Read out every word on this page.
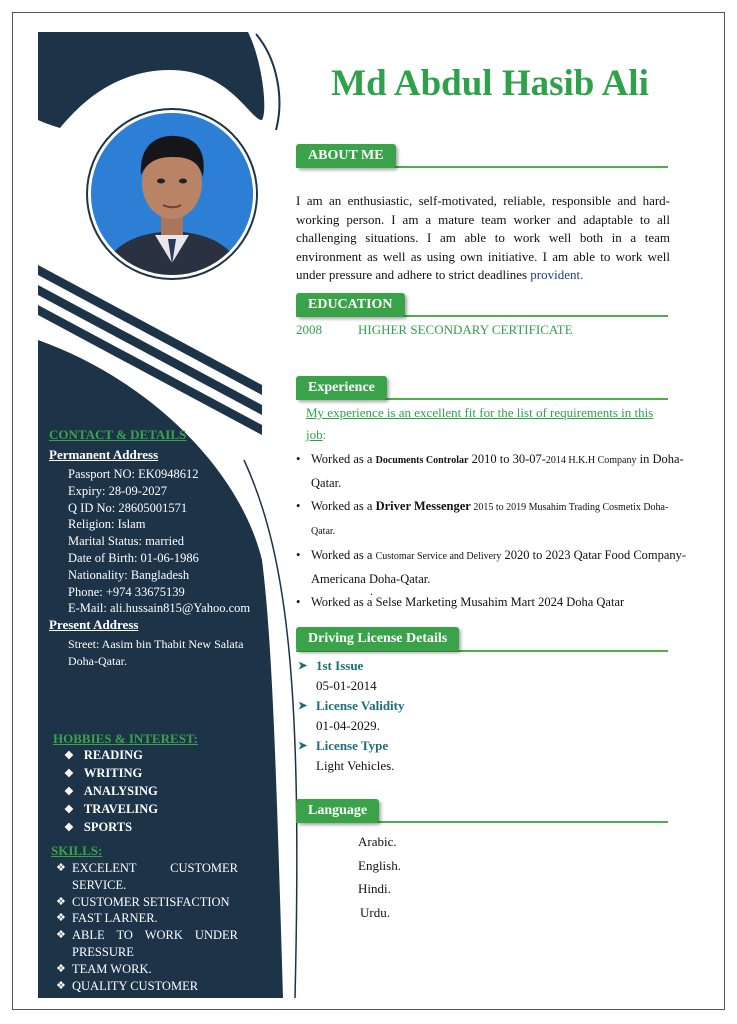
Md Abdul Hasib Ali
ABOUT ME
I am an enthusiastic, self-motivated, reliable, responsible and hard-working person. I am a mature team worker and adaptable to all challenging situations. I am able to work well both in a team environment as well as using own initiative. I am able to work well under pressure and adhere to strict deadlines provident.
EDUCATION
2008	HIGHER SECONDARY CERTIFICATE
Experience
My experience is an excellent fit for the list of requirements in this job:
• Worked as a Documents Controlar 2010 to 30-07-2014 H.K.H Company in Doha-Qatar.
• Worked as a Driver Messenger 2015 to 2019 Musahim Trading Cosmetix Doha-Qatar.
• Worked as a Customar Service and Delivery 2020 to 2023 Qatar Food Company-Americana Doha-Qatar.
• Worked as a Selse Marketing Musahim Mart 2024 Doha Qatar
.
Driving License Details
➤ 1st Issue
05-01-2014
➤ License Validity
01-04-2029.
➤ License Type
Light Vehicles.
Language
Arabic.
English.
Hindi.
Urdu.
CONTACT & DETAILS
Permanent Address
Passport NO: EK0948612
Expiry: 28-09-2027
Q ID No: 28605001571
Religion: Islam
Marital Status: married
Date of Birth: 01-06-1986
Nationality: Bangladesh
Phone: +974 33675139
E-Mail: ali.hussain815@Yahoo.com
Present Address
Street: Aasim bin Thabit New Salata
Doha-Qatar.
HOBBIES & INTEREST:
❖ READING
❖ WRITING
❖ ANALYSING
❖ TRAVELING
❖ SPORTS
SKILLS:
❖ EXCELENT CUSTOMER SERVICE.
❖ CUSTOMER SETISFACTION
❖ FAST LARNER.
❖ ABLE TO WORK UNDER PRESSURE
❖ TEAM WORK.
❖ QUALITY CUSTOMER
